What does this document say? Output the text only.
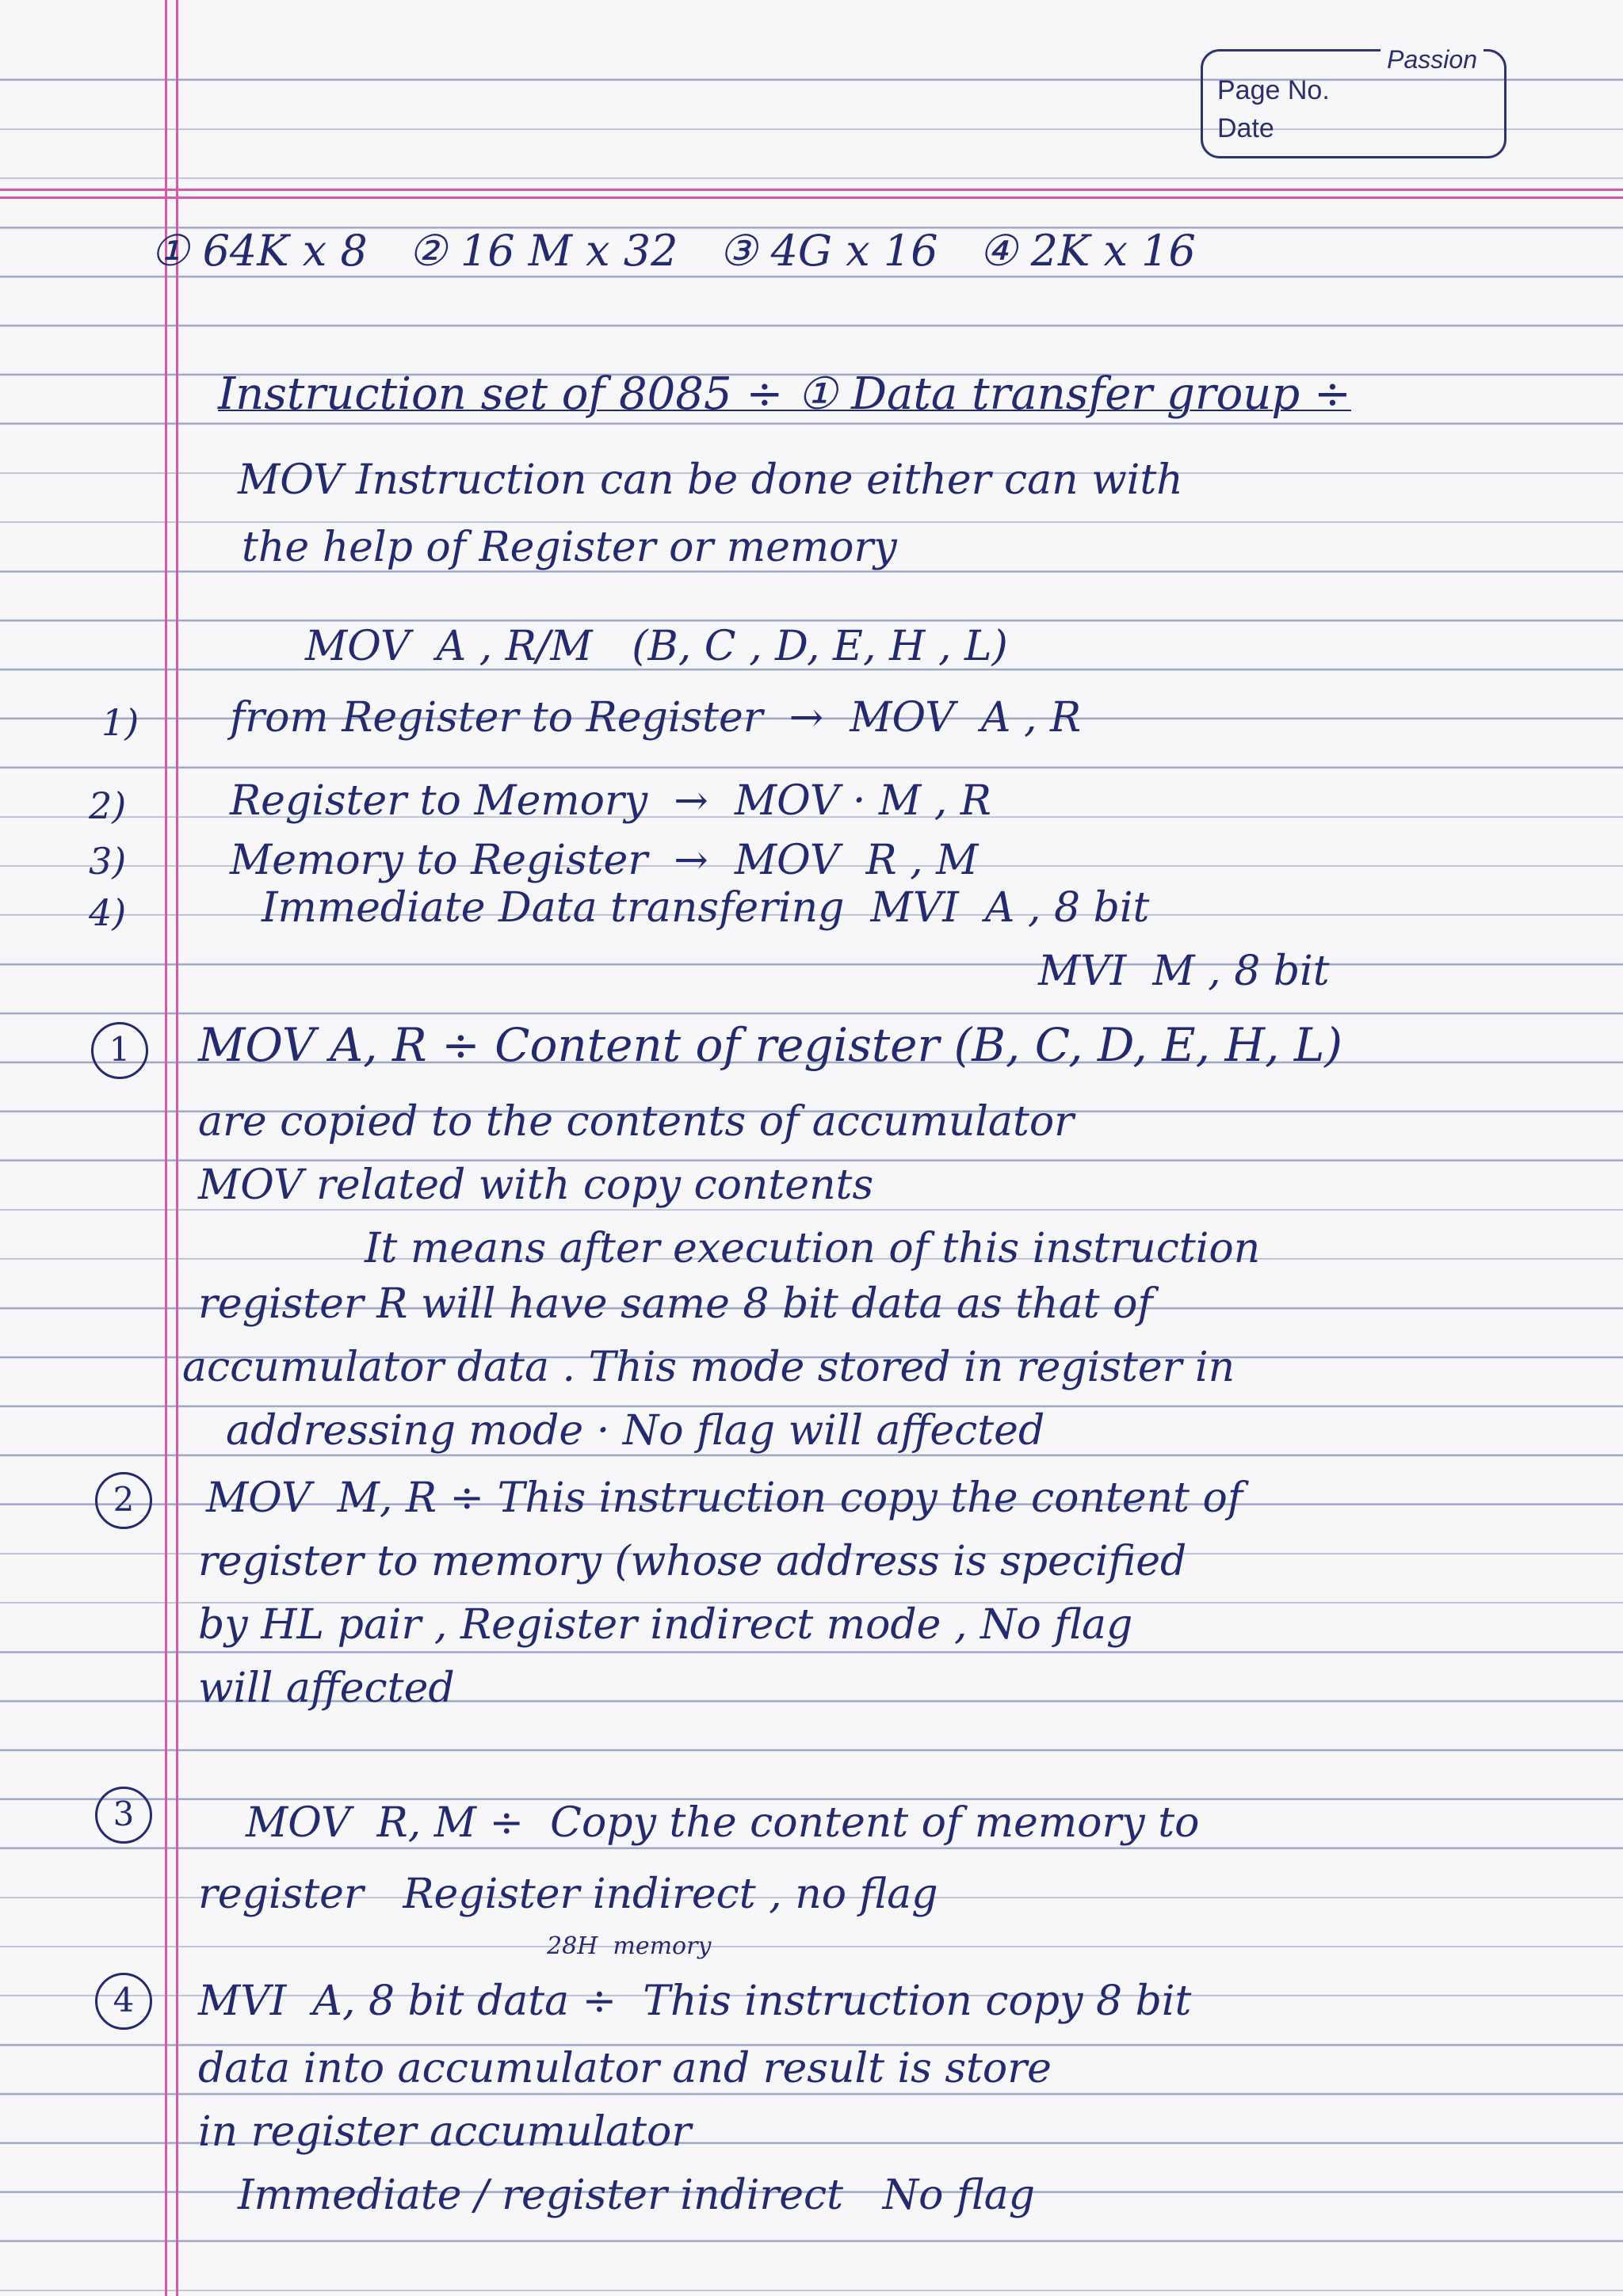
Passion
Page No.
Date
① 64K x 8   ② 16 M x 32   ③ 4G x 16   ④ 2K x 16
Instruction set of 8085 ÷ ① Data transfer group ÷
MOV Instruction can be done either can with
the help of Register or memory
MOV  A , R/M   (B, C , D, E, H , L)
1)
2)
3)
4)
from Register to Register  →  MOV  A , R
Register to Memory  →  MOV · M , R
Memory to Register  →  MOV  R , M
Immediate Data transfering  MVI  A , 8 bit
MVI  M , 8 bit
1	MOV A, R ÷ Content of register (B, C, D, E, H, L)
are copied to the contents of accumulator
MOV related with copy contents
It means after execution of this instruction
register R will have same 8 bit data as that of
accumulator data . This mode stored in register in
addressing mode · No flag will affected
2	MOV  M, R ÷ This instruction copy the content of
register to memory (whose address is specified
by HL pair , Register indirect mode , No flag
will affected
3	MOV  R, M ÷  Copy the content of memory to
register   Register indirect , no flag
28H  memory
4	MVI  A, 8 bit data ÷  This instruction copy 8 bit
data into accumulator and result is store
in register accumulator
Immediate / register indirect   No flag
